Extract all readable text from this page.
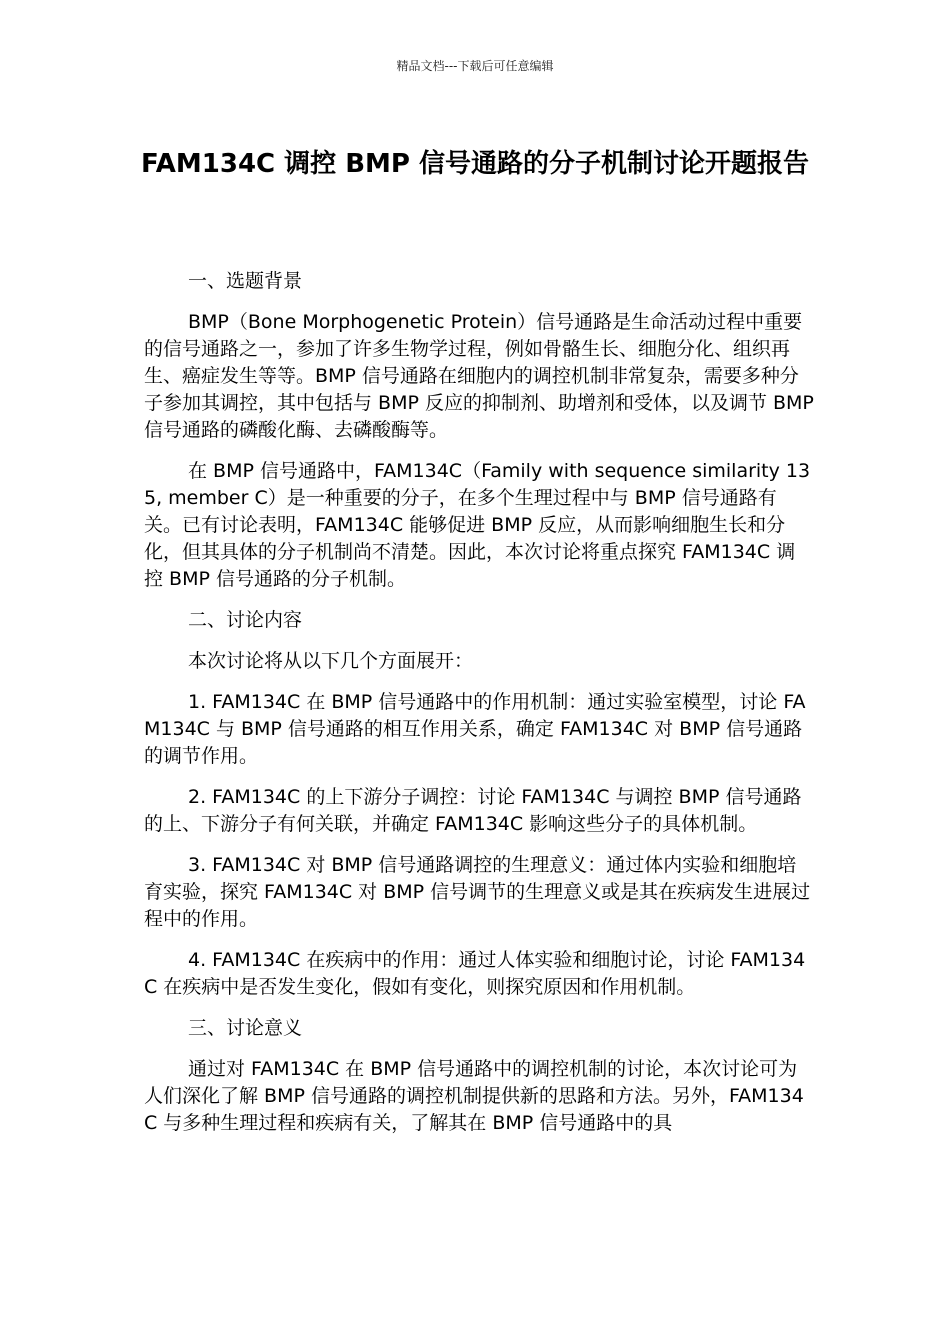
精品文档---下载后可任意编辑
FAM134C 调控 BMP 信号通路的分子机制讨论开题报告

一、选题背景

BMP（Bone Morphogenetic Protein）信号通路是生命活动过程中重要的信号通路之一，参加了许多生物学过程，例如骨骼生长、细胞分化、组织再生、癌症发生等等。BMP 信号通路在细胞内的调控机制非常复杂，需要多种分子参加其调控，其中包括与 BMP 反应的抑制剂、助增剂和受体，以及调节 BMP 信号通路的磷酸化酶、去磷酸酶等。

在 BMP 信号通路中，FAM134C（Family with sequence similarity 135, member C）是一种重要的分子，在多个生理过程中与 BMP 信号通路有关。已有讨论表明，FAM134C 能够促进 BMP 反应，从而影响细胞生长和分化，但其具体的分子机制尚不清楚。因此，本次讨论将重点探究 FAM134C 调控 BMP 信号通路的分子机制。

二、讨论内容

本次讨论将从以下几个方面展开：

1. FAM134C 在 BMP 信号通路中的作用机制：通过实验室模型，讨论 FAM134C 与 BMP 信号通路的相互作用关系，确定 FAM134C 对 BMP 信号通路的调节作用。

2. FAM134C 的上下游分子调控：讨论 FAM134C 与调控 BMP 信号通路的上、下游分子有何关联，并确定 FAM134C 影响这些分子的具体机制。

3. FAM134C 对 BMP 信号通路调控的生理意义：通过体内实验和细胞培育实验，探究 FAM134C 对 BMP 信号调节的生理意义或是其在疾病发生进展过程中的作用。

4. FAM134C 在疾病中的作用：通过人体实验和细胞讨论，讨论 FAM134C 在疾病中是否发生变化，假如有变化，则探究原因和作用机制。

三、讨论意义

通过对 FAM134C 在 BMP 信号通路中的调控机制的讨论，本次讨论可为人们深化了解 BMP 信号通路的调控机制提供新的思路和方法。另外，FAM134C 与多种生理过程和疾病有关，了解其在 BMP 信号通路中的具
